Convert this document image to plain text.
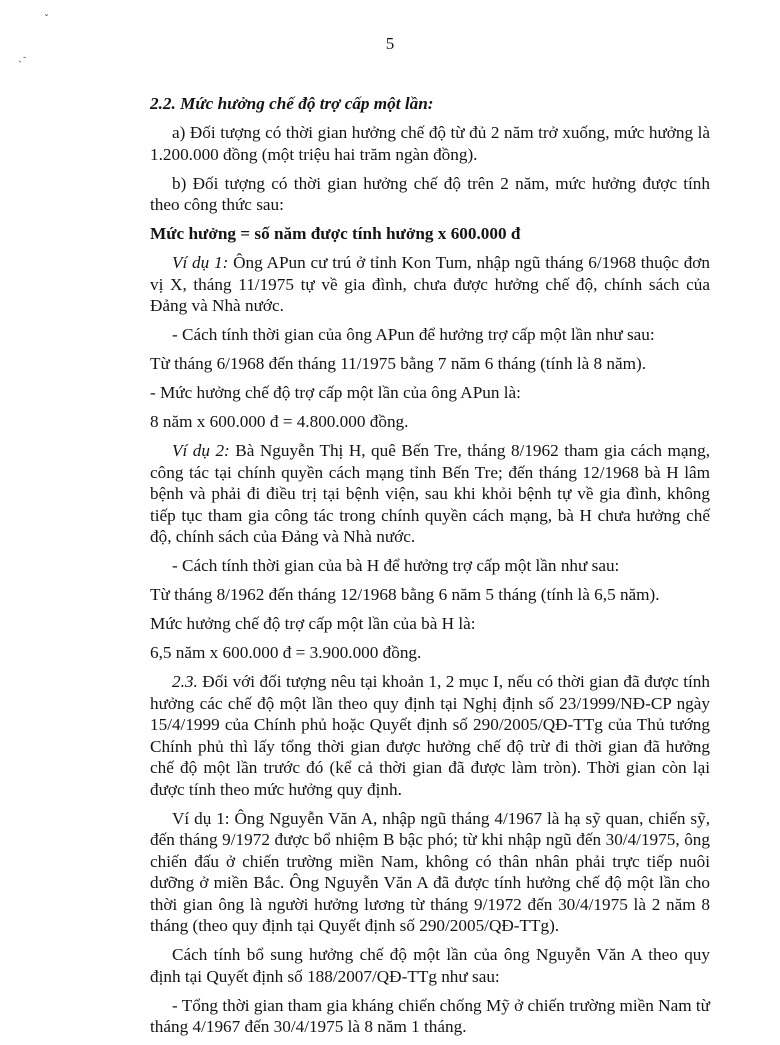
ˇ
ˎ˗
5

2.2. Mức hưởng chế độ trợ cấp một lần:

a) Đối tượng có thời gian hưởng chế độ từ đủ 2 năm trở xuống, mức hưởng là 1.200.000 đồng (một triệu hai trăm ngàn đồng).

b) Đối tượng có thời gian hưởng chế độ trên 2 năm, mức hưởng được tính theo công thức sau:

Mức hưởng = số năm được tính hưởng x 600.000 đ

Ví dụ 1: Ông APun cư trú ở tỉnh Kon Tum, nhập ngũ tháng 6/1968 thuộc đơn vị X, tháng 11/1975 tự về gia đình, chưa được hưởng chế độ, chính sách của Đảng và Nhà nước.

- Cách tính thời gian của ông APun để hưởng trợ cấp một lần như sau:

Từ tháng 6/1968 đến tháng 11/1975 bằng 7 năm 6 tháng (tính là 8 năm).

- Mức hưởng chế độ trợ cấp một lần của ông APun là:

8 năm x 600.000 đ = 4.800.000 đồng.

Ví dụ 2: Bà Nguyễn Thị H, quê Bến Tre, tháng 8/1962 tham gia cách mạng, công tác tại chính quyền cách mạng tỉnh Bến Tre; đến tháng 12/1968 bà H lâm bệnh và phải đi điều trị tại bệnh viện, sau khi khỏi bệnh tự về gia đình, không tiếp tục tham gia công tác trong chính quyền cách mạng, bà H chưa hưởng chế độ, chính sách của Đảng và Nhà nước.

- Cách tính thời gian của bà H để hưởng trợ cấp một lần như sau:

Từ tháng 8/1962 đến tháng 12/1968 bằng 6 năm 5 tháng (tính là 6,5 năm).

Mức hưởng chế độ trợ cấp một lần của bà H là:

6,5 năm x 600.000 đ = 3.900.000 đồng.

2.3. Đối với đối tượng nêu tại khoản 1, 2 mục I, nếu có thời gian đã được tính hưởng các chế độ một lần theo quy định tại Nghị định số 23/1999/NĐ-CP ngày 15/4/1999 của Chính phủ hoặc Quyết định số 290/2005/QĐ-TTg của Thủ tướng Chính phủ thì lấy tổng thời gian được hưởng chế độ trừ đi thời gian đã hưởng chế độ một lần trước đó (kể cả thời gian đã được làm tròn). Thời gian còn lại được tính theo mức hưởng quy định.

Ví dụ 1: Ông Nguyễn Văn A, nhập ngũ tháng 4/1967 là hạ sỹ quan, chiến sỹ, đến tháng 9/1972 được bổ nhiệm B bậc phó; từ khi nhập ngũ đến 30/4/1975, ông chiến đấu ở chiến trường miền Nam, không có thân nhân phải trực tiếp nuôi dưỡng ở miền Bắc. Ông Nguyễn Văn A đã được tính hưởng chế độ một lần cho thời gian ông là người hưởng lương từ tháng 9/1972 đến 30/4/1975 là 2 năm 8 tháng (theo quy định tại Quyết định số 290/2005/QĐ-TTg).

Cách tính bổ sung hưởng chế độ một lần của ông Nguyễn Văn A theo quy định tại Quyết định số 188/2007/QĐ-TTg như sau:

- Tổng thời gian tham gia kháng chiến chống Mỹ ở chiến trường miền Nam từ tháng 4/1967 đến 30/4/1975 là 8 năm 1 tháng.
